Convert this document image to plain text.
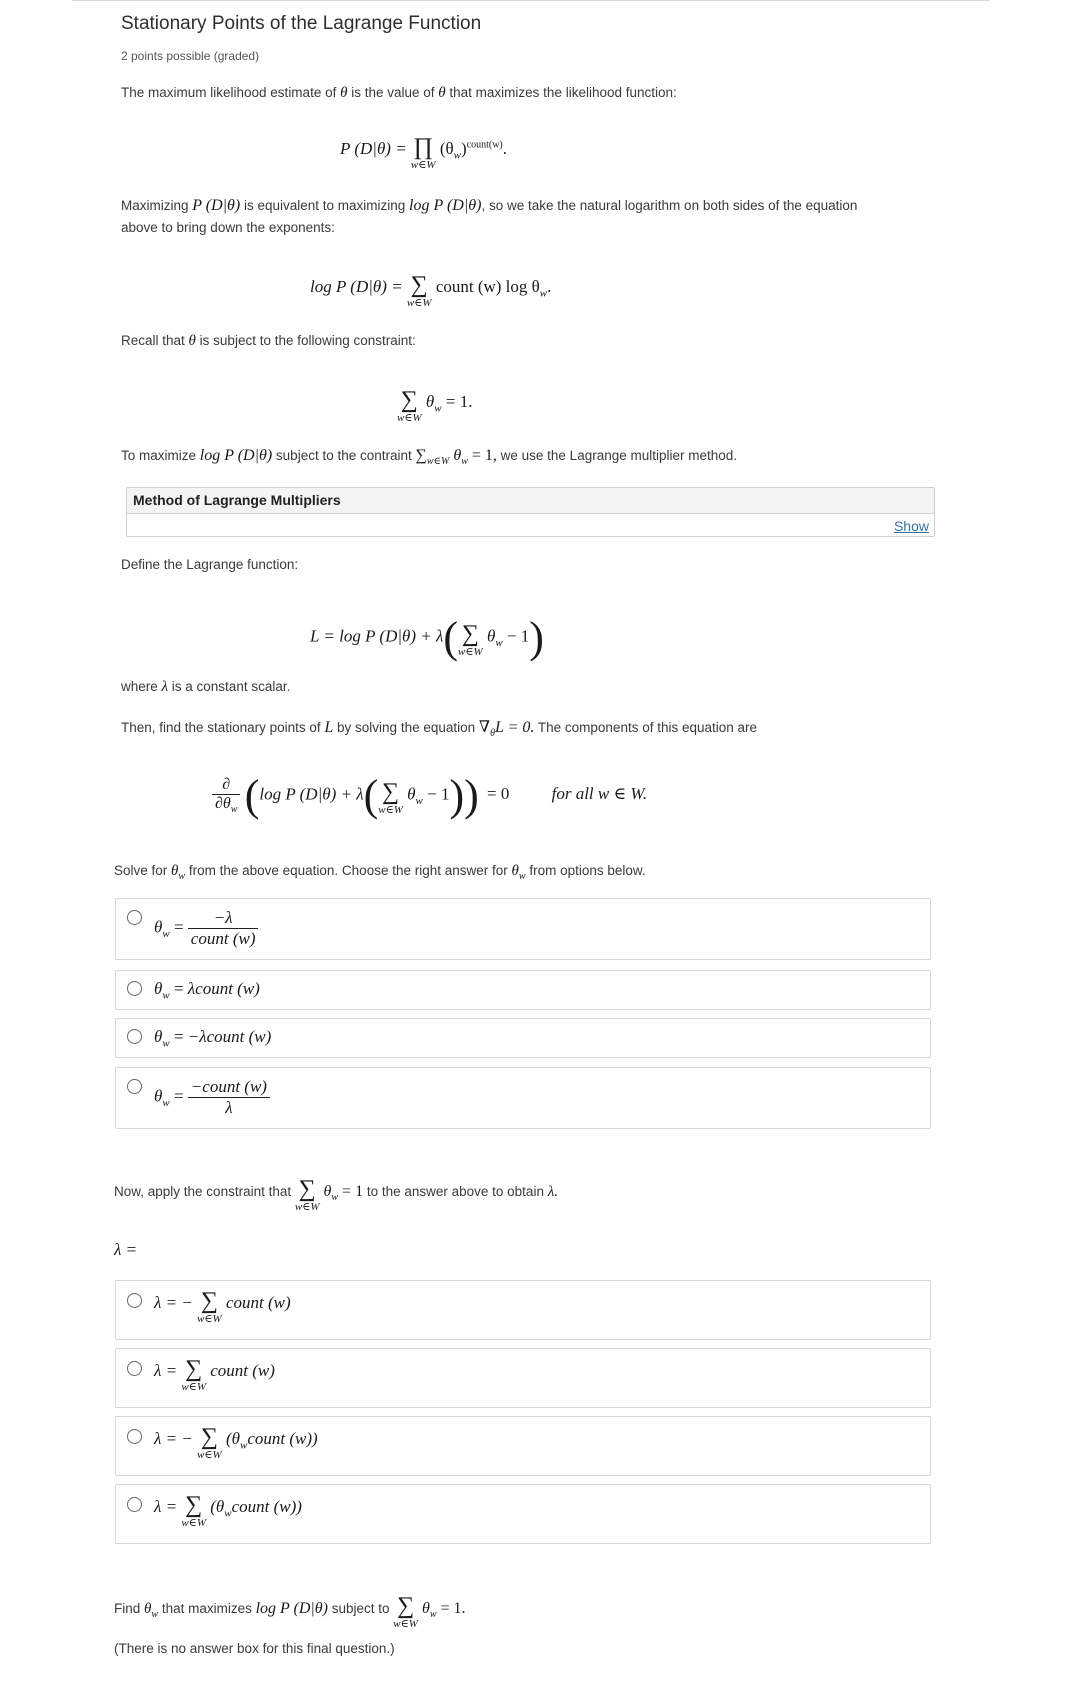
Stationary Points of the Lagrange Function
2 points possible (graded)
The maximum likelihood estimate of θ is the value of θ that maximizes the likelihood function:
P (D|θ) = ∏
w∈W
$(\theta_w)^{count(w)}$.
Maximizing P (D|θ) is equivalent to maximizing log P (D|θ), so we take the natural logarithm on both sides of the equation
above to bring down the exponents:
log P (D|θ) = ∑
w∈W
count (w) $\log \theta_w$.
Recall that θ is subject to the following constraint:
∑
w∈W
$\theta_w = 1$.
To maximize log P (D|θ) subject to the contraint $\sum_{w\in W}$ $\theta_w = 1$, we use the Lagrange multiplier method.
Method of Lagrange Multipliers
Show
Define the Lagrange function:
L = log P (D|θ) + λ( ∑
w∈W
$\theta_w - 1$)
where λ is a constant scalar.
Then, find the stationary points of L by solving the equation $\nabla_\theta L = 0$. The components of this equation are
$\frac{\partial}{\partial\theta_w} (\log$ P (D|θ) + λ( ∑
w∈W
$\theta_w - 1)) = 0$ for all w ∈ W.
Solve for $\theta_w$ from the above equation. Choose the right answer for $\theta_w$ from options below.
$\theta_w = \frac{-\lambda}{\text{count (w)}}$
$\theta_w$ = λcount (w)
$\theta_w$ = −λcount (w)
$\theta_w = \frac{\text{−count (w)}}{\lambda}$
Now, apply the constraint that ∑
w∈W
$\theta_w = 1$ to the answer above to obtain λ.
λ =
λ = − ∑
w∈W
count (w)
λ = ∑
w∈W
count (w)
λ = − ∑
w∈W
($\theta_wcount$ (w))
λ = ∑
w∈W
($\theta_wcount$ (w))
Find $\theta_w$ that maximizes log P (D|θ) subject to ∑
w∈W
$\theta_w = 1$.
(There is no answer box for this final question.)
